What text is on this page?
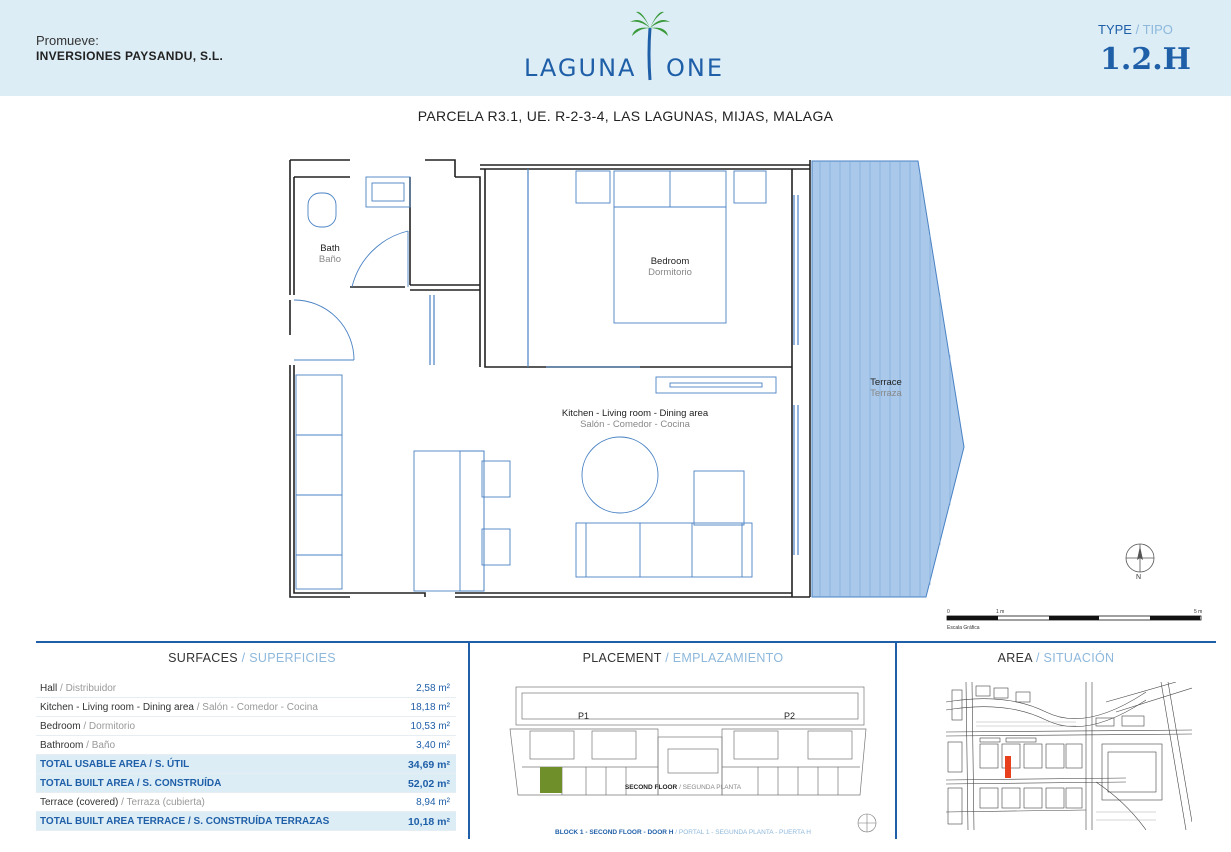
Promueve:
INVERSIONES PAYSANDU, S.L.	LAGUNA ONE
TYPE / TIPO
1.2.H
PARCELA R3.1, UE. R-2-3-4, LAS LAGUNAS, MIJAS, MALAGA
Bath
Baño	Bedroom
Dormitorio
Kitchen - Living room - Dining area
Salón - Comedor - Cocina
Terrace
Terraza
N
0	1 m	5 m
Escala Gráfica
SURFACES / SUPERFICIES	PLACEMENT / EMPLAZAMIENTO	AREA / SITUACIÓN
Hall / Distribuidor	2,58 m²
Kitchen - Living room - Dining area / Salón - Comedor - Cocina	18,18 m²
Bedroom / Dormitorio	10,53 m²
Bathroom / Baño	3,40 m²
TOTAL USABLE AREA / S. ÚTIL	34,69 m²
TOTAL BUILT AREA / S. CONSTRUÍDA	52,02 m²
Terrace (covered) / Terraza (cubierta)	8,94 m²
TOTAL BUILT AREA TERRACE / S. CONSTRUÍDA TERRAZAS	10,18 m²
P1	P2
SECOND FLOOR / SEGUNDA PLANTA
BLOCK 1 - SECOND FLOOR - DOOR H / PORTAL 1 - SEGUNDA PLANTA - PUERTA H
